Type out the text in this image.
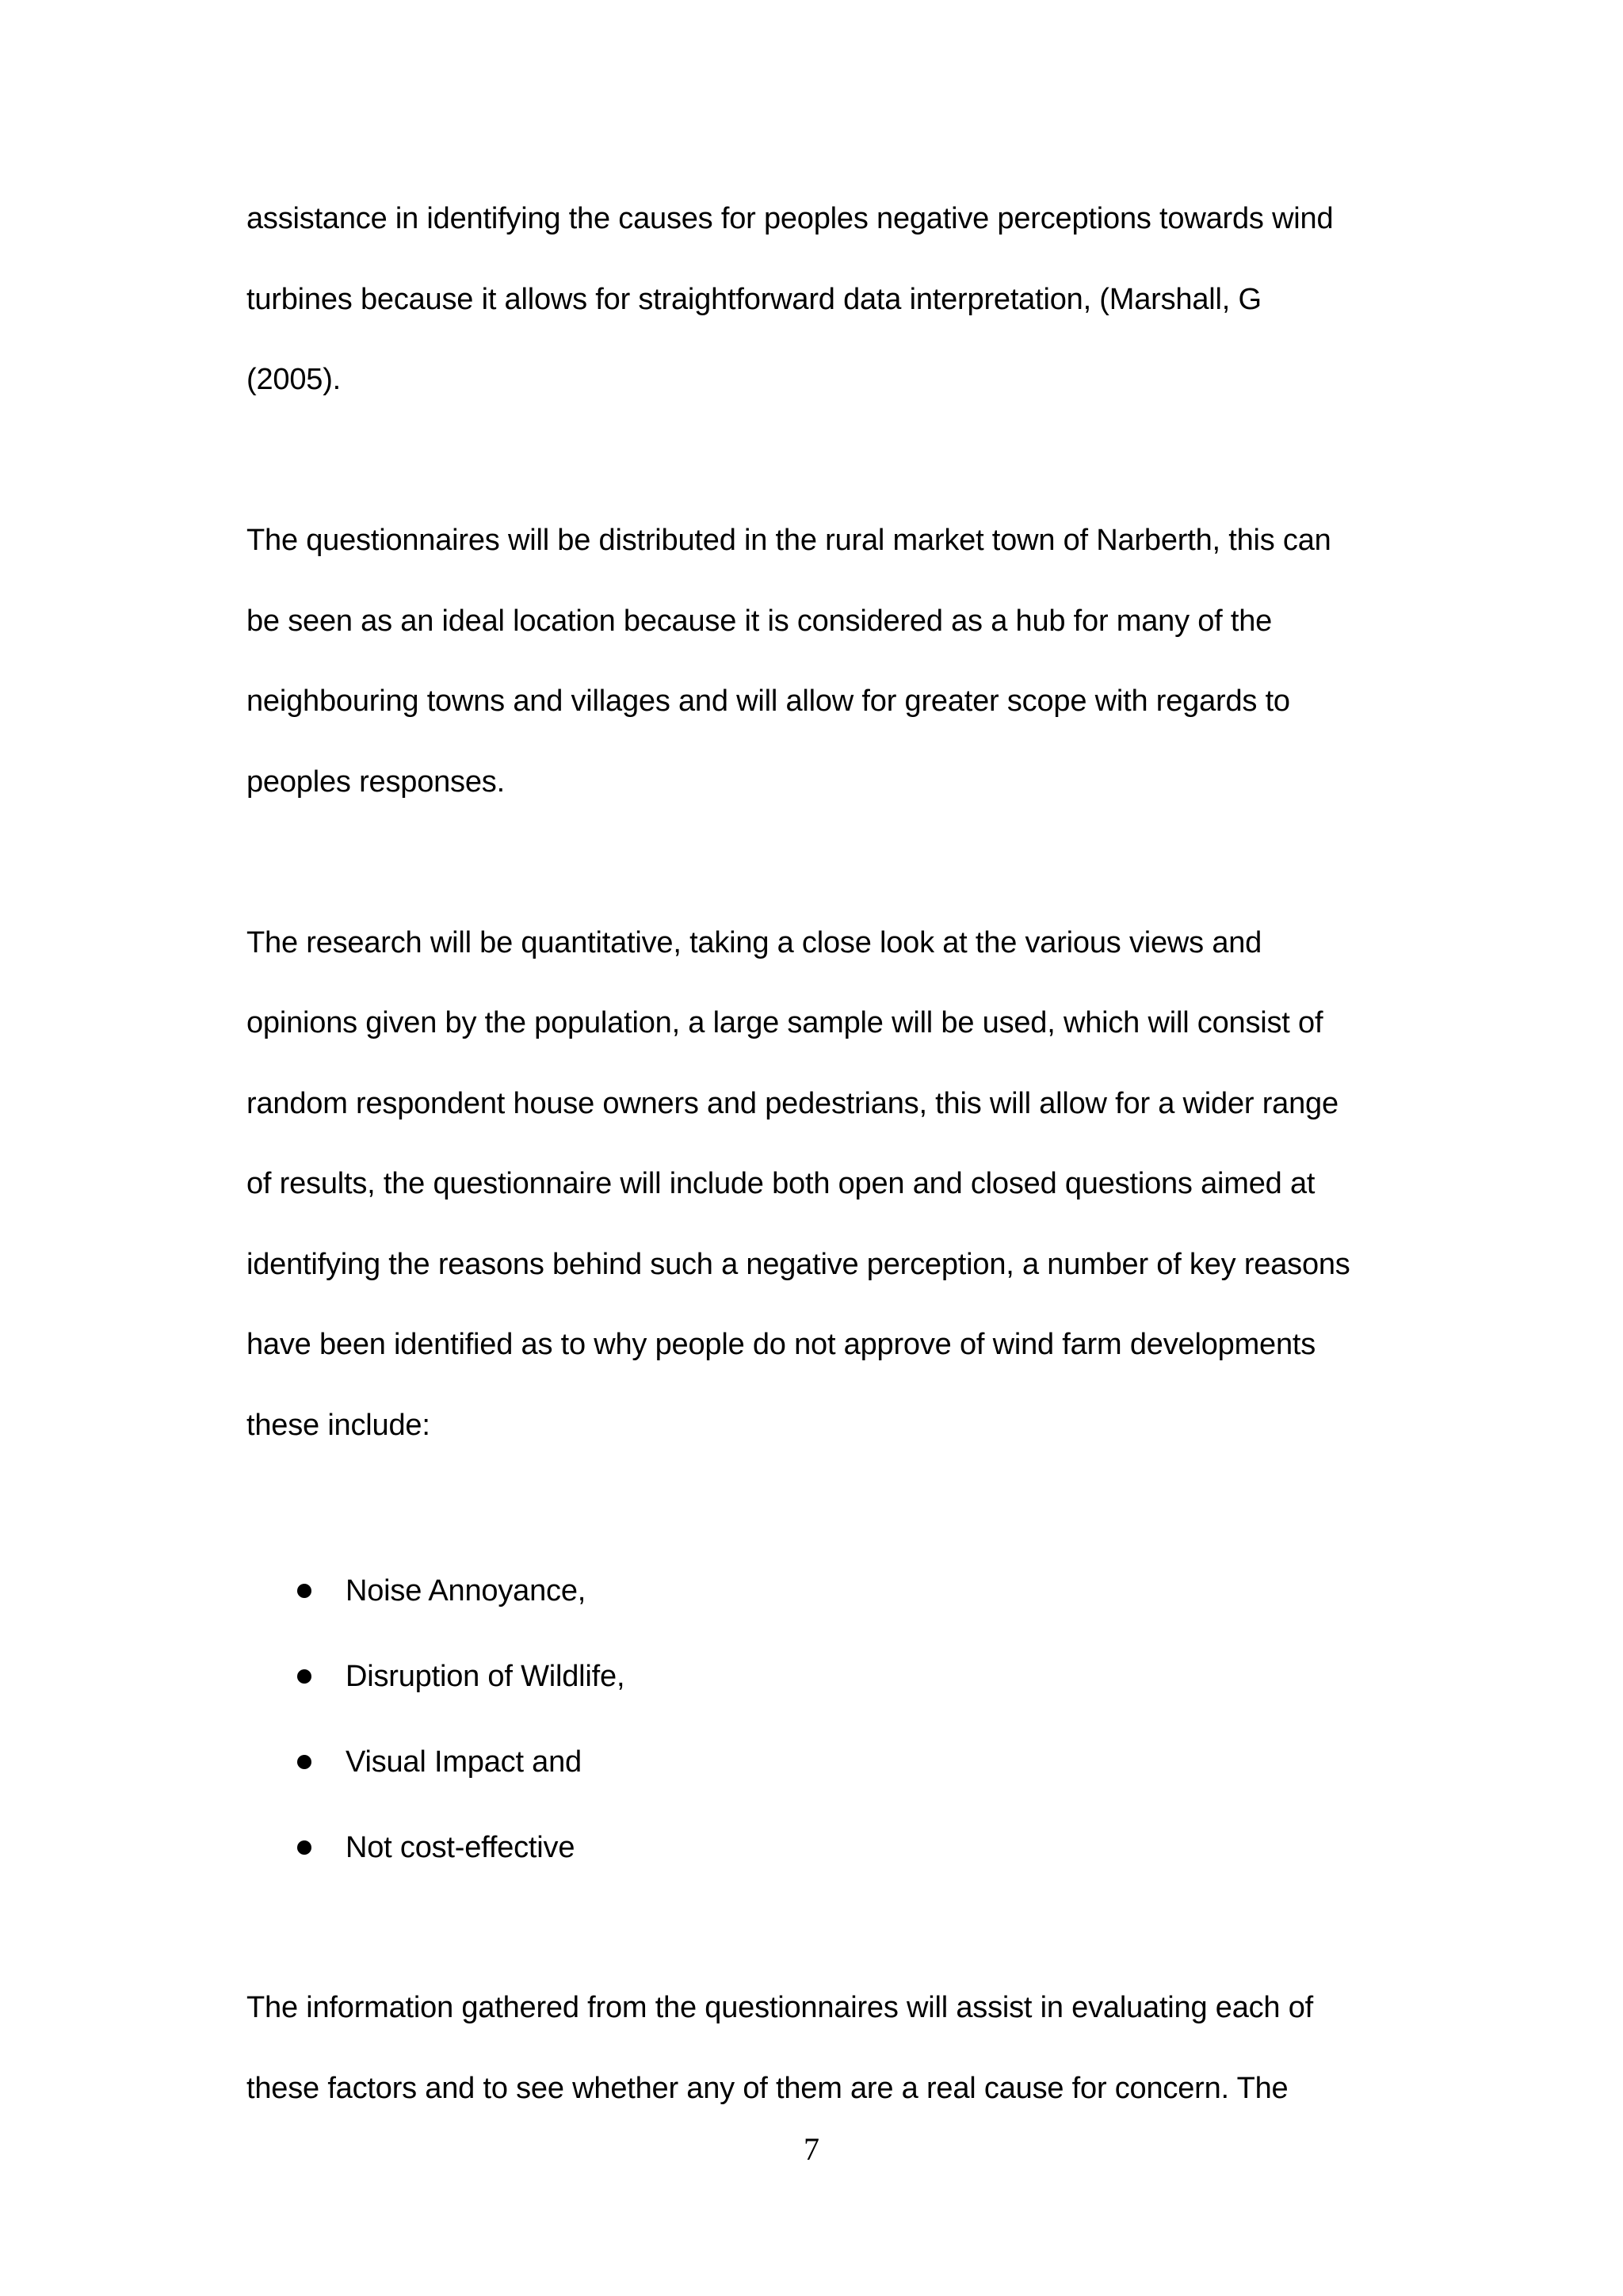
assistance in identifying the causes for peoples negative perceptions towards wind
turbines because it allows for straightforward data interpretation, (Marshall, G
(2005).

The questionnaires will be distributed in the rural market town of Narberth, this can
be seen as an ideal location because it is considered as a hub for many of the
neighbouring towns and villages and will allow for greater scope with regards to
peoples responses.

The research will be quantitative, taking a close look at the various views and
opinions given by the population, a large sample will be used, which will consist of
random respondent house owners and pedestrians, this will allow for a wider range
of results, the questionnaire will include both open and closed questions aimed at
identifying the reasons behind such a negative perception, a number of key reasons
have been identified as to why people do not approve of wind farm developments
these include:

Noise Annoyance,
Disruption of Wildlife,
Visual Impact and
Not cost-effective

The information gathered from the questionnaires will assist in evaluating each of
these factors and to see whether any of them are a real cause for concern. The

7
